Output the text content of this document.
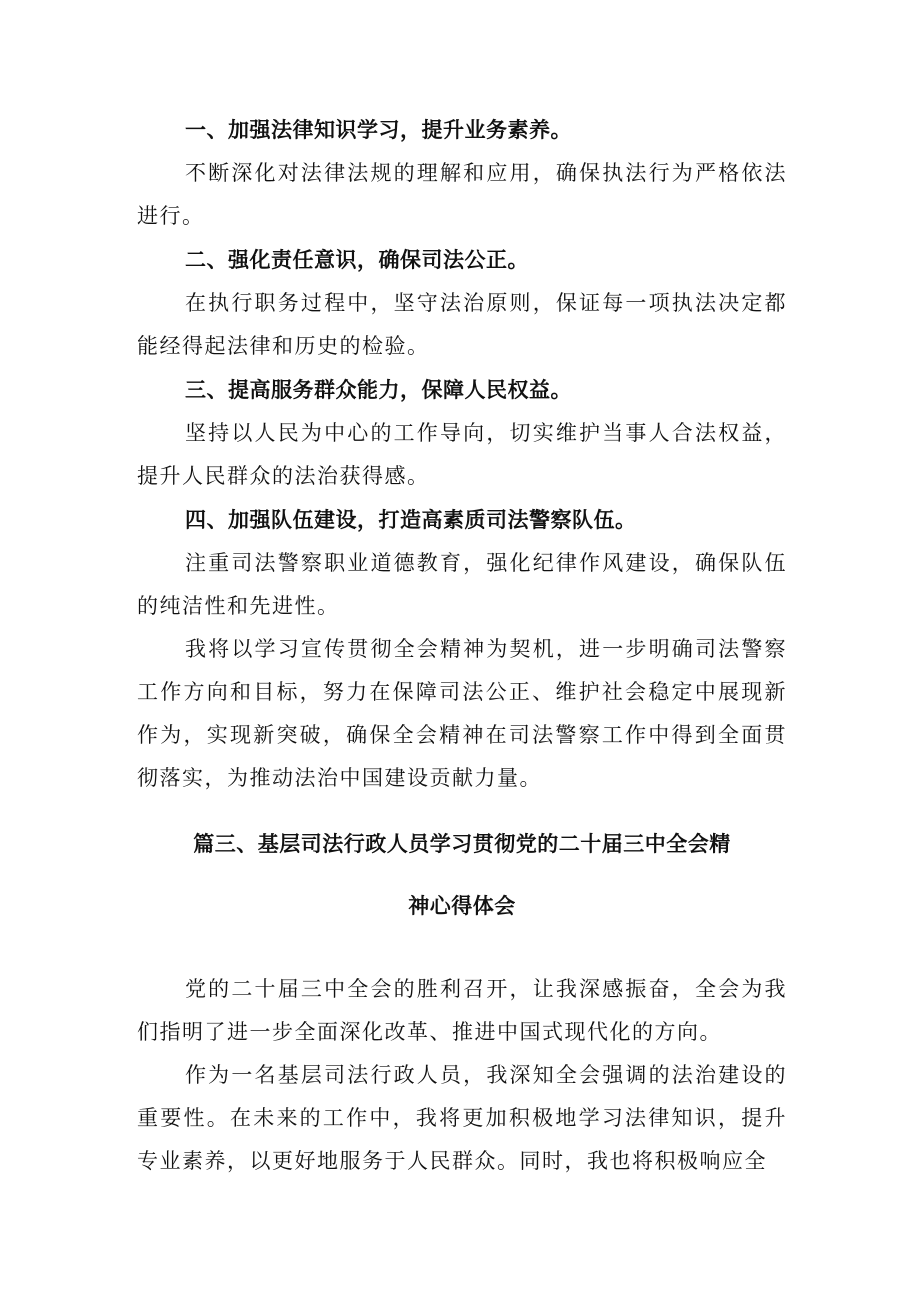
一、加强法律知识学习，提升业务素养。

不断深化对法律法规的理解和应用，确保执法行为严格依法进行。

二、强化责任意识，确保司法公正。

在执行职务过程中，坚守法治原则，保证每一项执法决定都能经得起法律和历史的检验。

三、提高服务群众能力，保障人民权益。

坚持以人民为中心的工作导向，切实维护当事人合法权益，提升人民群众的法治获得感。

四、加强队伍建设，打造高素质司法警察队伍。

注重司法警察职业道德教育，强化纪律作风建设，确保队伍的纯洁性和先进性。

我将以学习宣传贯彻全会精神为契机，进一步明确司法警察工作方向和目标，努力在保障司法公正、维护社会稳定中展现新作为，实现新突破，确保全会精神在司法警察工作中得到全面贯彻落实，为推动法治中国建设贡献力量。

篇三、基层司法行政人员学习贯彻党的二十届三中全会精
神心得体会

党的二十届三中全会的胜利召开，让我深感振奋，全会为我们指明了进一步全面深化改革、推进中国式现代化的方向。

作为一名基层司法行政人员，我深知全会强调的法治建设的重要性。在未来的工作中，我将更加积极地学习法律知识，提升专业素养，以更好地服务于人民群众。同时，我也将积极响应全
